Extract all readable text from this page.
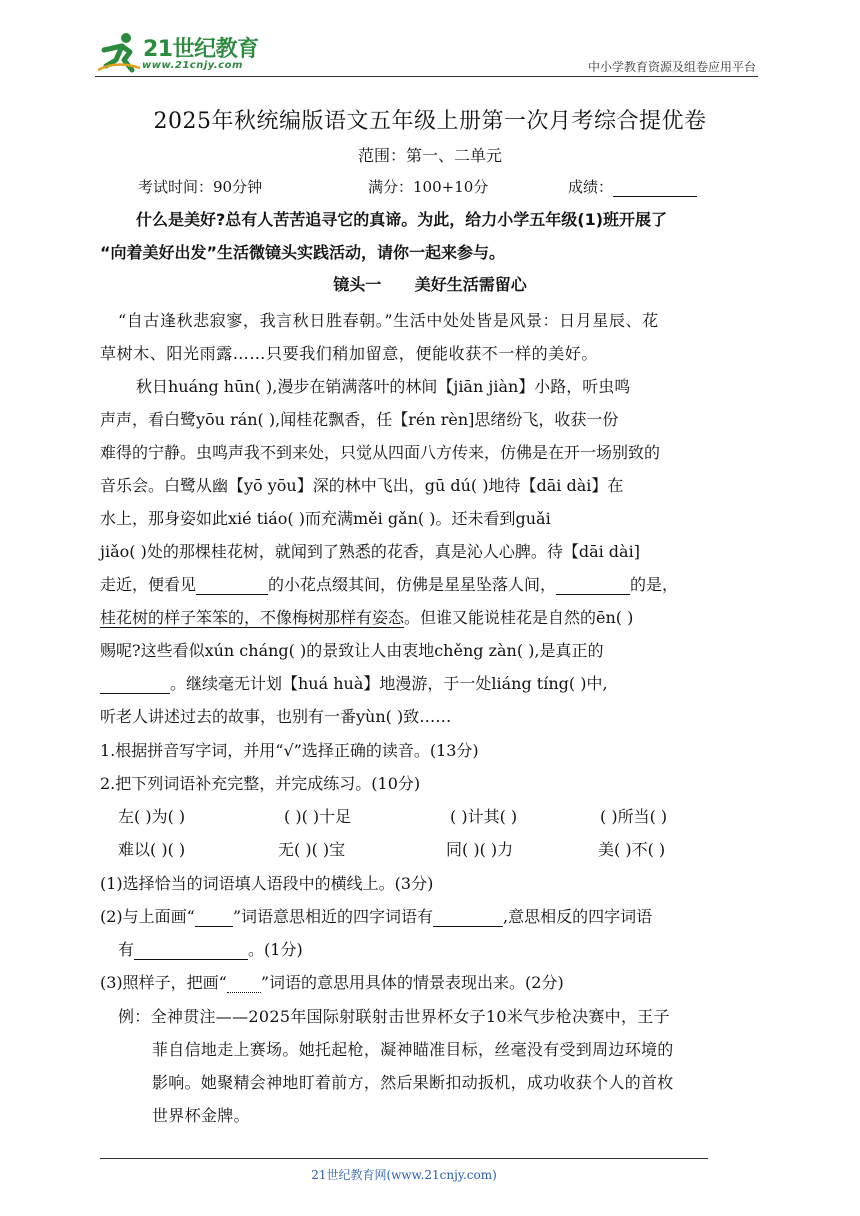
21世纪教育
www.21cnjy.com	中小学教育资源及组卷应用平台
2025年秋统编版语文五年级上册第一次月考综合提优卷
范围：第一、二单元
考试时间：90分钟	满分：100+10分	成绩：
什么是美好?总有人苦苦追寻它的真谛。为此，给力小学五年级(1)班开展了
“向着美好出发”生活微镜头实践活动，请你一起来参与。
镜头一      美好生活需留心
“自古逢秋悲寂寥，我言秋日胜春朝。”生活中处处皆是风景：日月星辰、花
草树木、阳光雨露……只要我们稍加留意，便能收获不一样的美好。
秋日huáng hūn( ),漫步在销满落叶的林间【jiān jiàn】小路，听虫鸣
声声，看白鹭yōu rán( ),闻桂花飘香，任【rén rèn]思绪纷飞，收获一份
难得的宁静。虫鸣声我不到来处，只觉从四面八方传来，仿佛是在开一场别致的
音乐会。白鹭从幽【yō yōu】深的林中飞出，gū dú( )地待【dāi dài】在
水上，那身姿如此xié tiáo( )而充满měi gǎn( )。还未看到guǎi
jiǎo( )处的那棵桂花树，就闻到了熟悉的花香，真是沁人心脾。待【dāi dài]
走近，便看见	的小花点缀其间，仿佛是星星坠落人间，	的是，
桂花树的样子笨笨的，不像梅树那样有姿态。但谁又能说桂花是自然的ēn( )
赐呢?这些看似xún cháng( )的景致让人由衷地chěng zàn( ),是真正的
。继续毫无计划【huá huà】地漫游，于一处liáng tíng( )中,
听老人讲述过去的故事，也别有一番yùn( )致……
1.根据拼音写字词，并用“√”选择正确的读音。(13分)
2.把下列词语补充完整，并完成练习。(10分)
左( )为( )	( )( )十足	( )计其( )	( )所当( )
难以( )( )	无( )( )宝	同( )( )力	美( )不( )
(1)选择恰当的词语填人语段中的横线上。(3分)
(2)与上面画“ ”词语意思相近的四字词语有	,意思相反的四字词语
有	。(1分)
(3)照样子，把画“ ”词语的意思用具体的情景表现出来。(2分)
例：全神贯注——2025年国际射联射击世界杯女子10米气步枪决赛中，王子
菲自信地走上赛场。她托起枪，凝神瞄准目标，丝毫没有受到周边环境的
影响。她聚精会神地盯着前方，然后果断扣动扳机，成功收获个人的首枚
世界杯金牌。
21世纪教育网(www.21cnjy.com)
